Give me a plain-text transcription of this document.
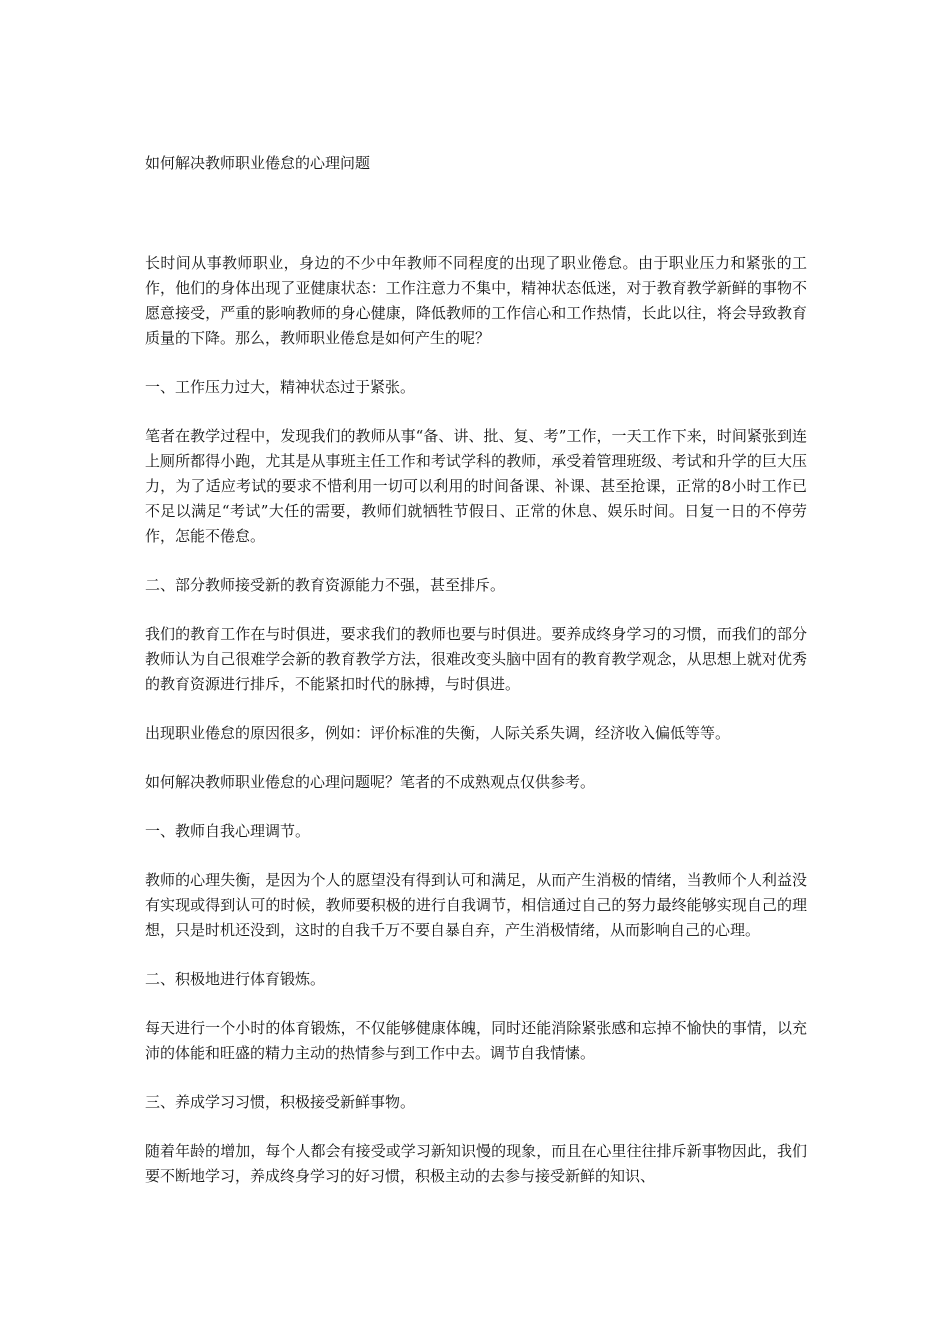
如何解决教师职业倦怠的心理问题

长时间从事教师职业，身边的不少中年教师不同程度的出现了职业倦怠。由于职业压力和紧张的工作，他们的身体出现了亚健康状态：工作注意力不集中，精神状态低迷，对于教育教学新鲜的事物不愿意接受，严重的影响教师的身心健康，降低教师的工作信心和工作热情，长此以往，将会导致教育质量的下降。那么，教师职业倦怠是如何产生的呢？

一、工作压力过大，精神状态过于紧张。

笔者在教学过程中，发现我们的教师从事“备、讲、批、复、考”工作，一天工作下来，时间紧张到连上厕所都得小跑，尤其是从事班主任工作和考试学科的教师，承受着管理班级、考试和升学的巨大压力，为了适应考试的要求不惜利用一切可以利用的时间备课、补课、甚至抢课，正常的8小时工作已不足以满足“考试”大任的需要，教师们就牺牲节假日、正常的休息、娱乐时间。日复一日的不停劳作，怎能不倦怠。

二、部分教师接受新的教育资源能力不强，甚至排斥。

我们的教育工作在与时俱进，要求我们的教师也要与时俱进。要养成终身学习的习惯，而我们的部分教师认为自己很难学会新的教育教学方法，很难改变头脑中固有的教育教学观念，从思想上就对优秀的教育资源进行排斥，不能紧扣时代的脉搏，与时俱进。

出现职业倦怠的原因很多，例如：评价标准的失衡，人际关系失调，经济收入偏低等等。

如何解决教师职业倦怠的心理问题呢？笔者的不成熟观点仅供参考。

一、教师自我心理调节。

教师的心理失衡，是因为个人的愿望没有得到认可和满足，从而产生消极的情绪，当教师个人利益没有实现或得到认可的时候，教师要积极的进行自我调节，相信通过自己的努力最终能够实现自己的理想，只是时机还没到，这时的自我千万不要自暴自弃，产生消极情绪，从而影响自己的心理。

二、积极地进行体育锻炼。

每天进行一个小时的体育锻炼，不仅能够健康体魄，同时还能消除紧张感和忘掉不愉快的事情，以充沛的体能和旺盛的精力主动的热情参与到工作中去。调节自我情愫。

三、养成学习习惯，积极接受新鲜事物。

随着年龄的增加，每个人都会有接受或学习新知识慢的现象，而且在心里往往排斥新事物因此，我们要不断地学习，养成终身学习的好习惯，积极主动的去参与接受新鲜的知识、
